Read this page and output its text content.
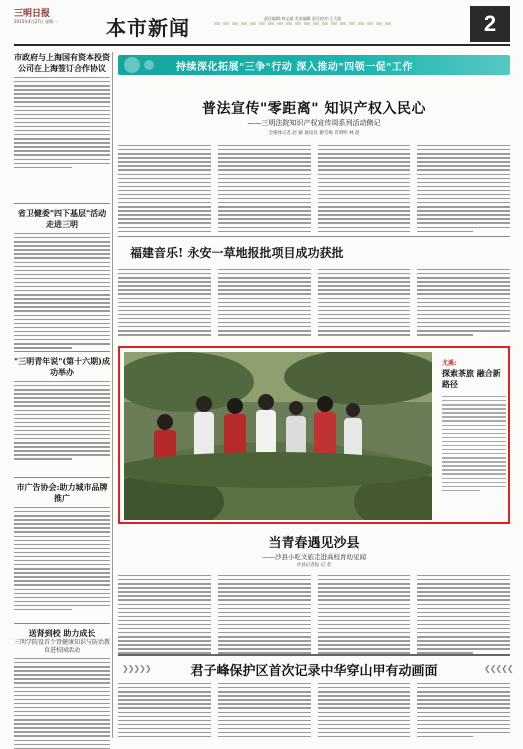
三明日报
2015年4月27日 星期一 本市新闻	责任编辑:林文斌 美术编辑 责任校对:王大阳	2
市政府与上海国有资本投资公司在上海签订合作协议
省卫健委"四下基层"活动走进三明
"三明青年说"(第十六期)成功举办
市广告协会:助力城市品牌推广
送肾到校 助力成长
三明学院设首个肾健康知识与防治教育进校园活动
持续深化拓展"三争"行动 深入推动"四领一促"工作
普法宣传"零距离" 知识产权入民心
——三明法院知识产权宣传周系列活动侧记
全媒体记者 赵 颖 通讯员 谢雪梅 肖明明 林 晨
福建音乐! 永安一草地报批项目成功获批
尤溪:
探索茶旅 融合新路径
当青春遇见沙县
——沙县小吃文旅走进高校育幼见闻
沙县记者报 记 者
❯❯❯❯❯	君子峰保护区首次记录中华穿山甲有动画面	❮❮❮❮❮
